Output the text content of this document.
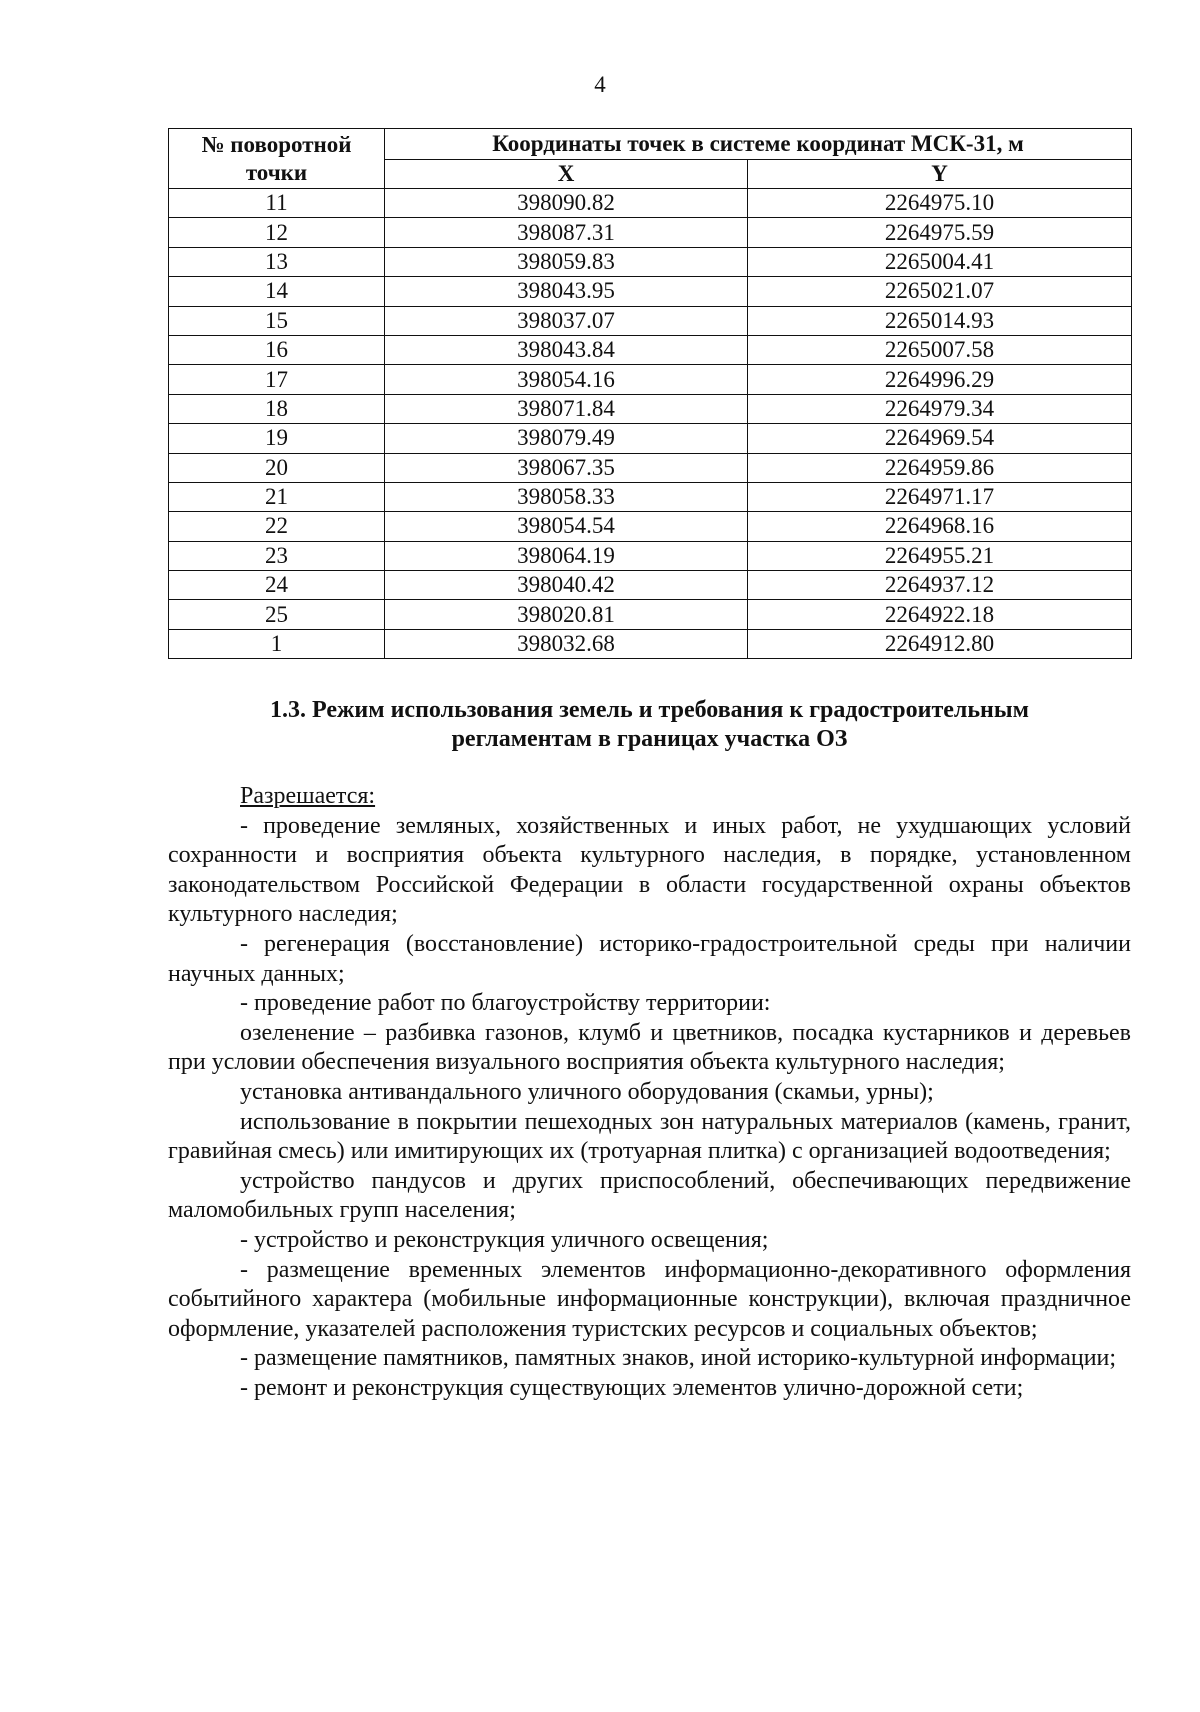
4
№ поворотной точки	Координаты точек в системе координат МСК-31, м	
	X	Y
11	398090.82	2264975.10
12	398087.31	2264975.59
13	398059.83	2265004.41
14	398043.95	2265021.07
15	398037.07	2265014.93
16	398043.84	2265007.58
17	398054.16	2264996.29
18	398071.84	2264979.34
19	398079.49	2264969.54
20	398067.35	2264959.86
21	398058.33	2264971.17
22	398054.54	2264968.16
23	398064.19	2264955.21
24	398040.42	2264937.12
25	398020.81	2264922.18
1	398032.68	2264912.80
1.3. Режим использования земель и требования к градостроительным
регламентам в границах участка ОЗ

Разрешается:

- проведение земляных, хозяйственных и иных работ, не ухудшающих условий сохранности и восприятия объекта культурного наследия, в порядке, установленном законодательством Российской Федерации в области государственной охраны объектов культурного наследия;

- регенерация (восстановление) историко-градостроительной среды при наличии научных данных;

- проведение работ по благоустройству территории:

озеленение – разбивка газонов, клумб и цветников, посадка кустарников и деревьев при условии обеспечения визуального восприятия объекта культурного наследия;

установка антивандального уличного оборудования (скамьи, урны);

использование в покрытии пешеходных зон натуральных материалов (камень, гранит, гравийная смесь) или имитирующих их (тротуарная плитка) с организацией водоотведения;

устройство пандусов и других приспособлений, обеспечивающих передвижение маломобильных групп населения;

- устройство и реконструкция уличного освещения;

- размещение временных элементов информационно-декоративного оформления событийного характера (мобильные информационные конструкции), включая праздничное оформление, указателей расположения туристских ресурсов и социальных объектов;

- размещение памятников, памятных знаков, иной историко-культурной информации;

- ремонт и реконструкция существующих элементов улично-дорожной сети;
